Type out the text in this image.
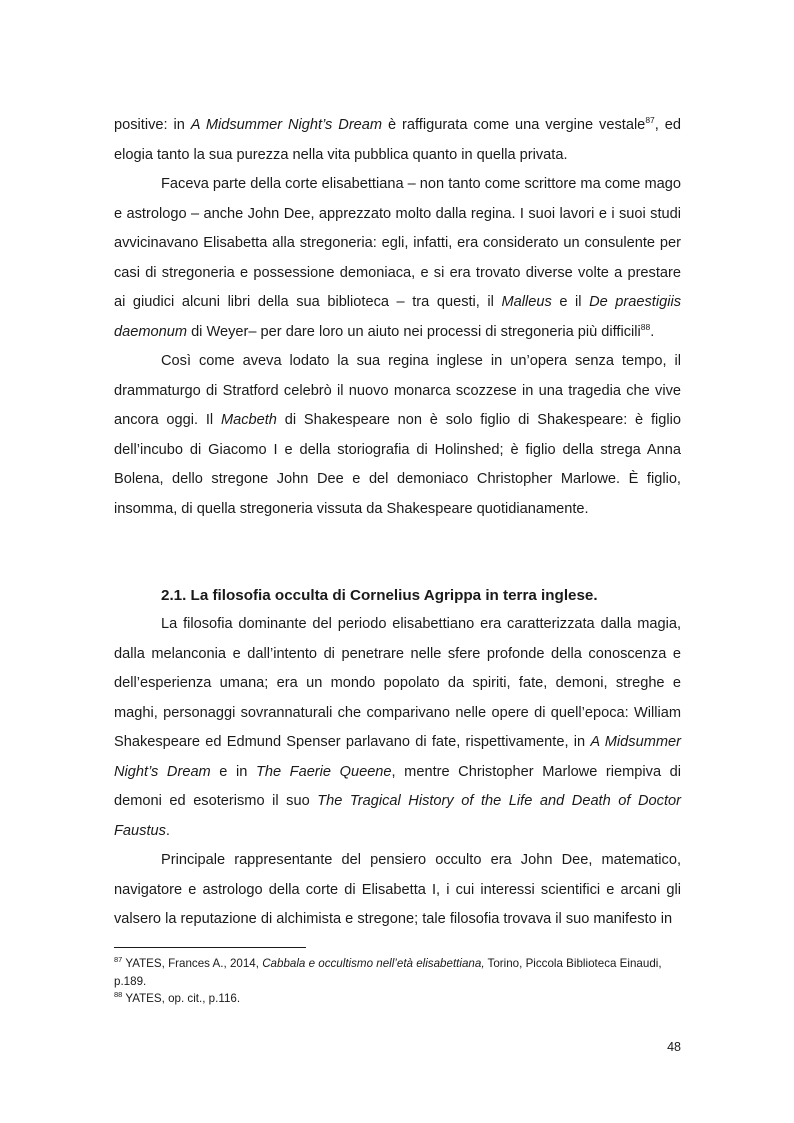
positive: in A Midsummer Night’s Dream è raffigurata come una vergine vestale$^{87}$, ed elogia tanto la sua purezza nella vita pubblica quanto in quella privata.

Faceva parte della corte elisabettiana – non tanto come scrittore ma come mago e astrologo – anche John Dee, apprezzato molto dalla regina. I suoi lavori e i suoi studi avvicinavano Elisabetta alla stregoneria: egli, infatti, era considerato un consulente per casi di stregoneria e possessione demoniaca, e si era trovato diverse volte a prestare ai giudici alcuni libri della sua biblioteca – tra questi, il Malleus e il De praestigiis daemonum di Weyer– per dare loro un aiuto nei processi di stregoneria più difficili$^{88}$.

Così come aveva lodato la sua regina inglese in un’opera senza tempo, il drammaturgo di Stratford celebrò il nuovo monarca scozzese in una tragedia che vive ancora oggi. Il Macbeth di Shakespeare non è solo figlio di Shakespeare: è figlio dell’incubo di Giacomo I e della storiografia di Holinshed; è figlio della strega Anna Bolena, dello stregone John Dee e del demoniaco Christopher Marlowe. È figlio, insomma, di quella stregoneria vissuta da Shakespeare quotidianamente.

2.1. La filosofia occulta di Cornelius Agrippa in terra inglese.

La filosofia dominante del periodo elisabettiano era caratterizzata dalla magia, dalla melanconia e dall’intento di penetrare nelle sfere profonde della conoscenza e dell’esperienza umana; era un mondo popolato da spiriti, fate, demoni, streghe e maghi, personaggi sovrannaturali che comparivano nelle opere di quell’epoca: William Shakespeare ed Edmund Spenser parlavano di fate, rispettivamente, in A Midsummer Night’s Dream e in The Faerie Queene, mentre Christopher Marlowe riempiva di demoni ed esoterismo il suo The Tragical History of the Life and Death of Doctor Faustus.

Principale rappresentante del pensiero occulto era John Dee, matematico, navigatore e astrologo della corte di Elisabetta I, i cui interessi scientifici e arcani gli valsero la reputazione di alchimista e stregone; tale filosofia trovava il suo manifesto in

$^{87}$ YATES, Frances A., 2014, Cabbala e occultismo nell’età elisabettiana, Torino, Piccola Biblioteca Einaudi, p.189.

$^{88}$ YATES, op. cit., p.116.

48
